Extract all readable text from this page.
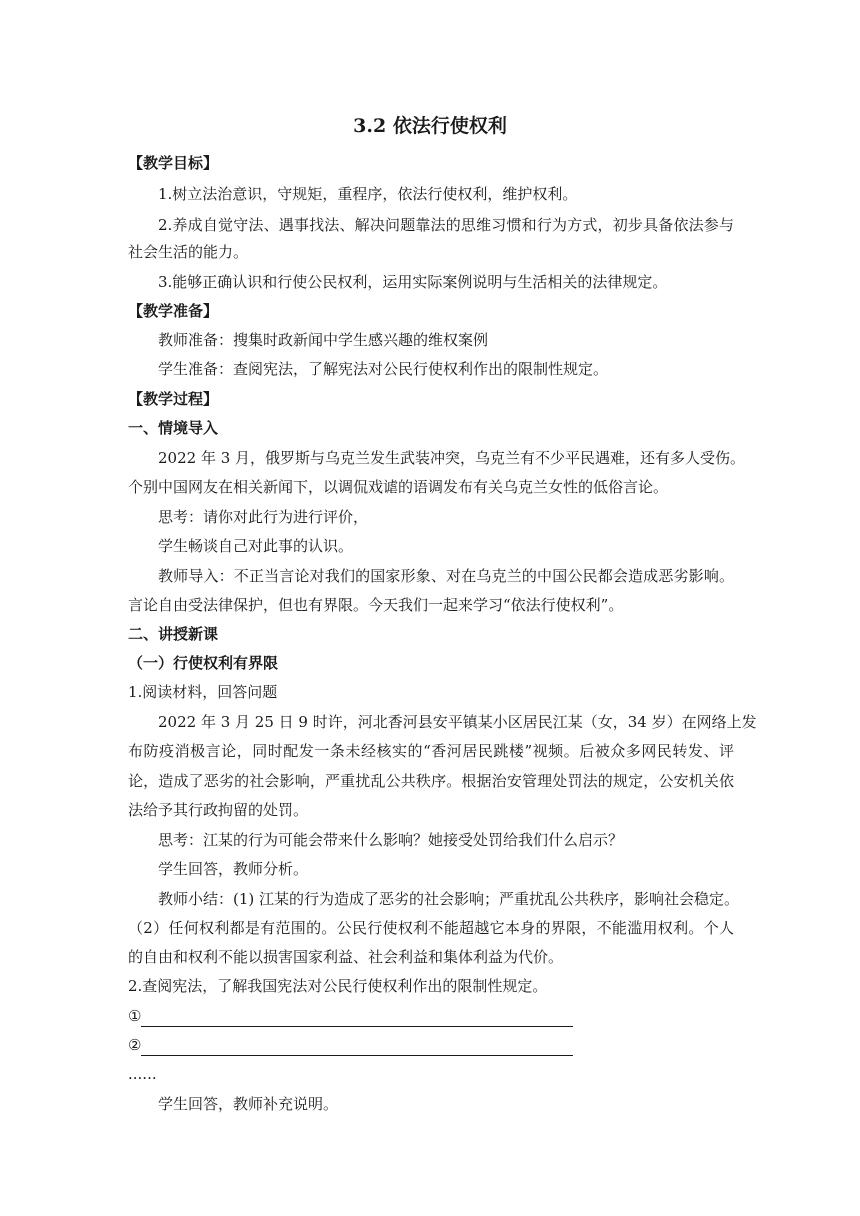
3.2 依法行使权利
【教学目标】
1.树立法治意识，守规矩，重程序，依法行使权利，维护权利。
2.养成自觉守法、遇事找法、解决问题靠法的思维习惯和行为方式，初步具备依法参与
社会生活的能力。
3.能够正确认识和行使公民权利，运用实际案例说明与生活相关的法律规定。
【教学准备】
教师准备：搜集时政新闻中学生感兴趣的维权案例
学生准备：查阅宪法，了解宪法对公民行使权利作出的限制性规定。
【教学过程】
一、情境导入
2022 年 3 月，俄罗斯与乌克兰发生武装冲突，乌克兰有不少平民遇难，还有多人受伤。
个别中国网友在相关新闻下，以调侃戏谑的语调发布有关乌克兰女性的低俗言论。
思考：请你对此行为进行评价，
学生畅谈自己对此事的认识。
教师导入：不正当言论对我们的国家形象、对在乌克兰的中国公民都会造成恶劣影响。
言论自由受法律保护，但也有界限。今天我们一起来学习“依法行使权利”。
二、讲授新课
（一）行使权利有界限
1.阅读材料，回答问题
2022 年 3 月 25 日 9 时许，河北香河县安平镇某小区居民江某（女，34 岁）在网络上发
布防疫消极言论，同时配发一条未经核实的“香河居民跳楼”视频。后被众多网民转发、评
论，造成了恶劣的社会影响，严重扰乱公共秩序。根据治安管理处罚法的规定，公安机关依
法给予其行政拘留的处罚。
思考：江某的行为可能会带来什么影响？她接受处罚给我们什么启示？
学生回答，教师分析。
教师小结：(1) 江某的行为造成了恶劣的社会影响；严重扰乱公共秩序，影响社会稳定。
（2）任何权利都是有范围的。公民行使权利不能超越它本身的界限，不能滥用权利。个人
的自由和权利不能以损害国家利益、社会利益和集体利益为代价。
2.查阅宪法，了解我国宪法对公民行使权利作出的限制性规定。
①
②
......
学生回答，教师补充说明。
